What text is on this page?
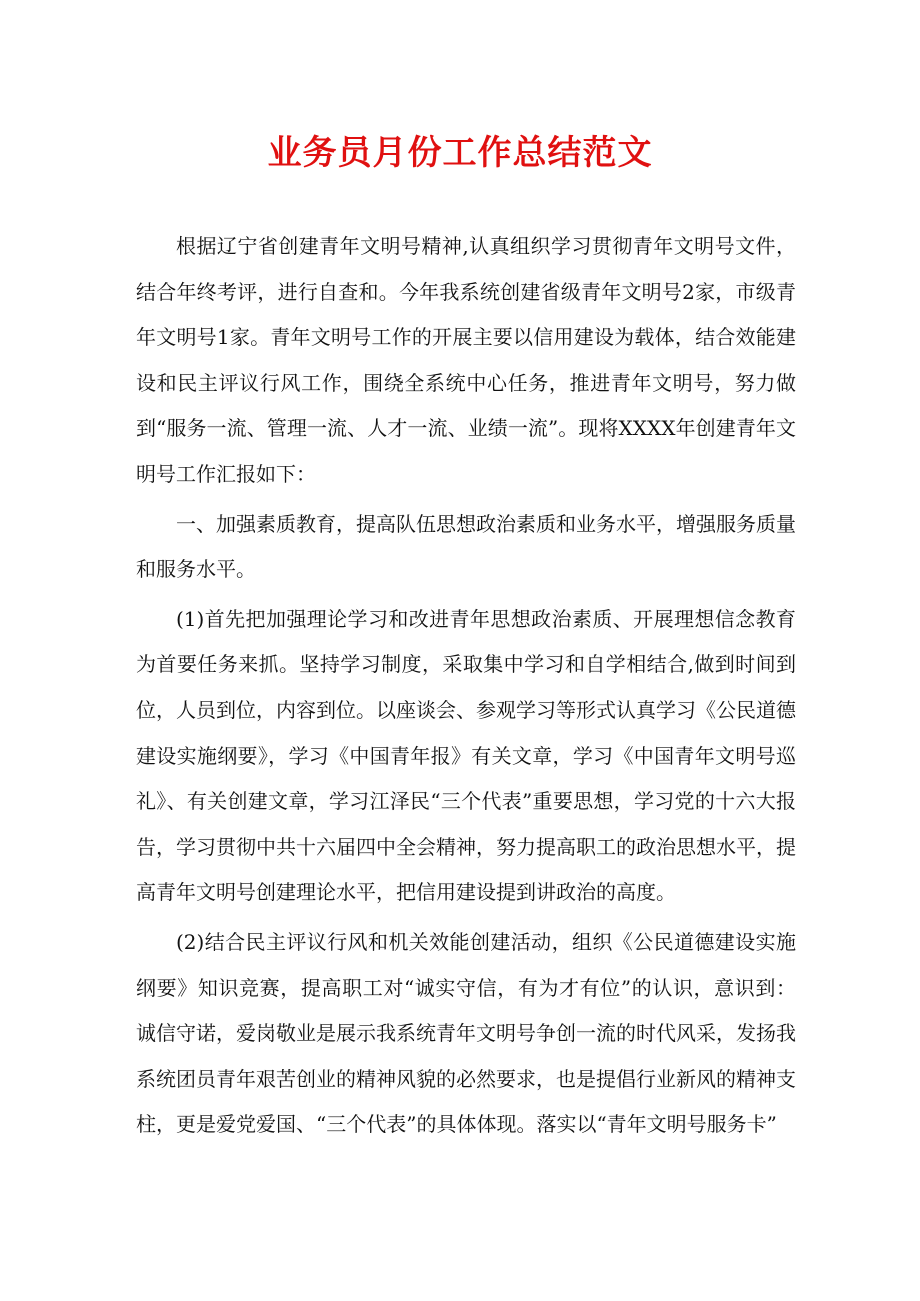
业务员月份工作总结范文

根据辽宁省创建青年文明号精神,认真组织学习贯彻青年文明号文件，结合年终考评，进行自查和。今年我系统创建省级青年文明号2家，市级青年文明号1家。青年文明号工作的开展主要以信用建设为载体，结合效能建设和民主评议行风工作，围绕全系统中心任务，推进青年文明号，努力做到“服务一流、管理一流、人才一流、业绩一流”。现将XXXX年创建青年文明号工作汇报如下：

一、加强素质教育，提高队伍思想政治素质和业务水平，增强服务质量和服务水平。

(1)首先把加强理论学习和改进青年思想政治素质、开展理想信念教育为首要任务来抓。坚持学习制度，采取集中学习和自学相结合,做到时间到位，人员到位，内容到位。以座谈会、参观学习等形式认真学习《公民道德建设实施纲要》，学习《中国青年报》有关文章，学习《中国青年文明号巡礼》、有关创建文章，学习江泽民“三个代表”重要思想，学习党的十六大报告，学习贯彻中共十六届四中全会精神，努力提高职工的政治思想水平，提高青年文明号创建理论水平，把信用建设提到讲政治的高度。

(2)结合民主评议行风和机关效能创建活动，组织《公民道德建设实施纲要》知识竞赛，提高职工对“诚实守信，有为才有位”的认识，意识到：诚信守诺，爱岗敬业是展示我系统青年文明号争创一流的时代风采，发扬我系统团员青年艰苦创业的精神风貌的必然要求，也是提倡行业新风的精神支柱，更是爱党爱国、“三个代表”的具体体现。落实以“青年文明号服务卡”
